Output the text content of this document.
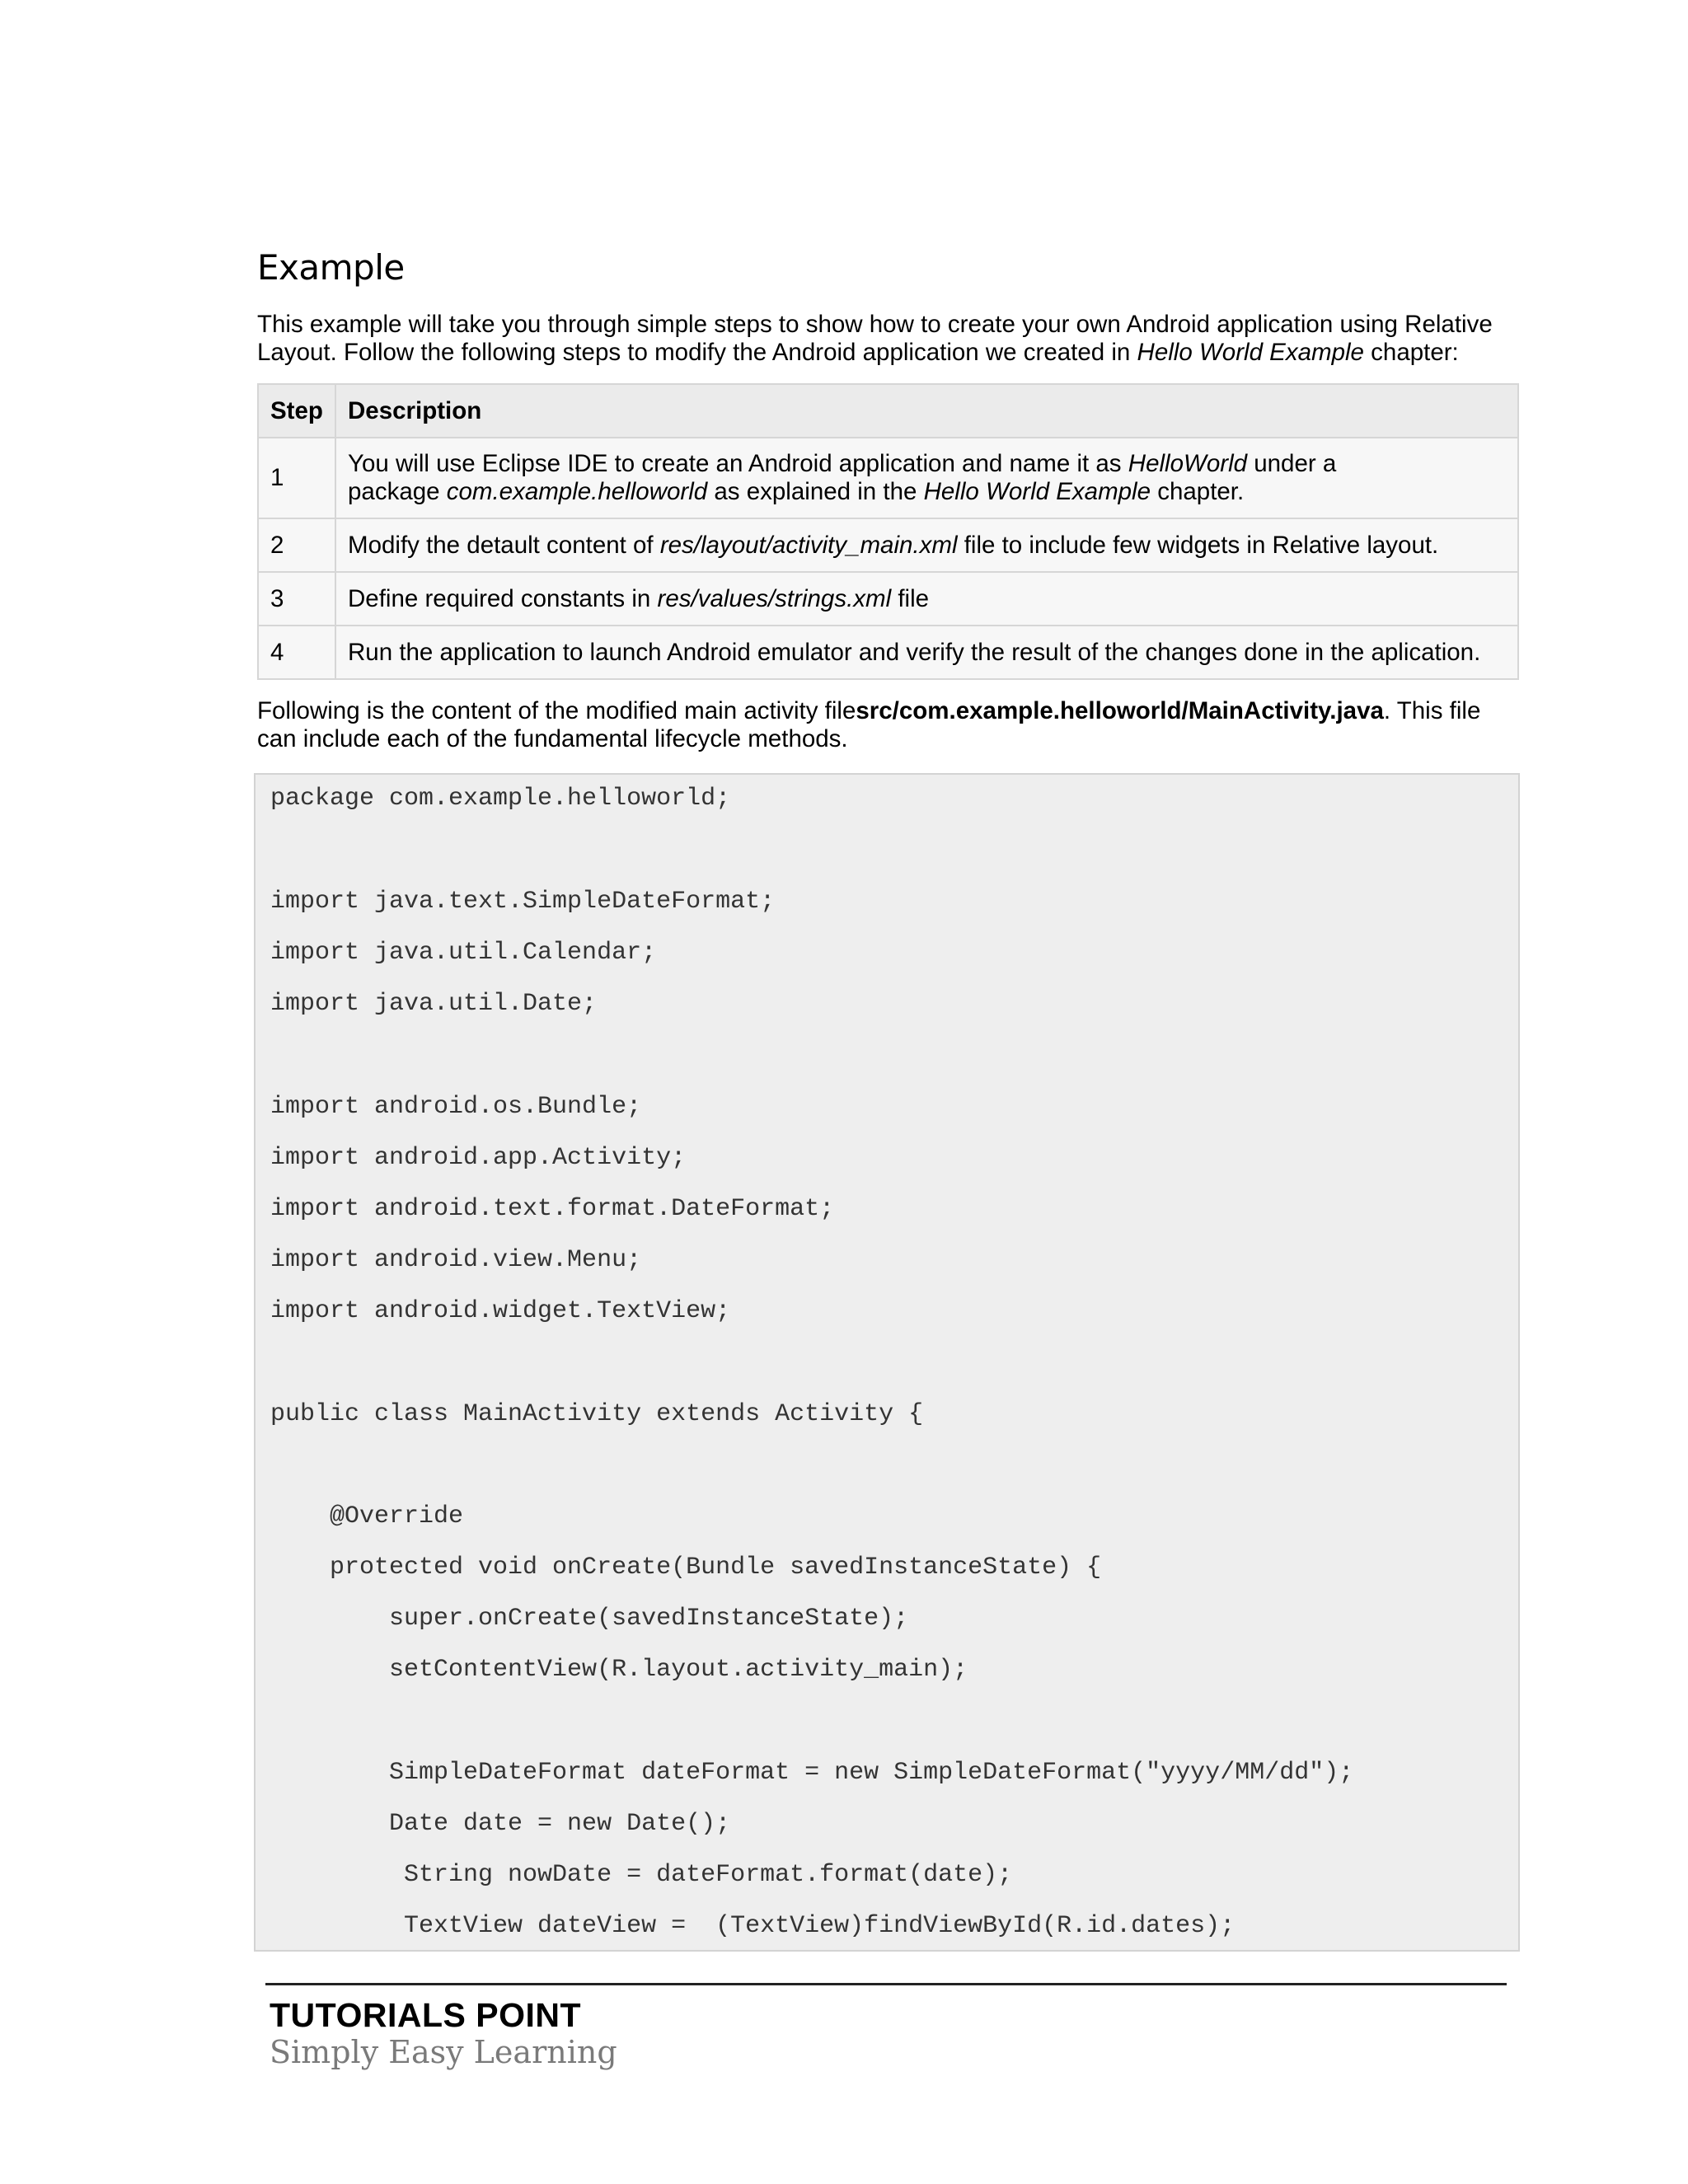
Example
This example will take you through simple steps to show how to create your own Android application using Relative Layout. Follow the following steps to modify the Android application we created in Hello World Example chapter:
Step	Description
1	You will use Eclipse IDE to create an Android application and name it as HelloWorld under a
package com.example.helloworld as explained in the Hello World Example chapter.
2	Modify the detault content of res/layout/activity_main.xml file to include few widgets in Relative layout.
3	Define required constants in res/values/strings.xml file
4	Run the application to launch Android emulator and verify the result of the changes done in the aplication.
Following is the content of the modified main activity filesrc/com.example.helloworld/MainActivity.java. This file can include each of the fundamental lifecycle methods.
package com.example.helloworld;
import java.text.SimpleDateFormat;
import java.util.Calendar;
import java.util.Date;
import android.os.Bundle;
import android.app.Activity;
import android.text.format.DateFormat;
import android.view.Menu;
import android.widget.TextView;
public class MainActivity extends Activity {
@Override
protected void onCreate(Bundle savedInstanceState) {
super.onCreate(savedInstanceState);
setContentView(R.layout.activity_main);
SimpleDateFormat dateFormat = new SimpleDateFormat("yyyy/MM/dd");
Date date = new Date();
String nowDate = dateFormat.format(date);
TextView dateView =  (TextView)findViewById(R.id.dates);
TUTORIALS POINT
Simply Easy Learning
